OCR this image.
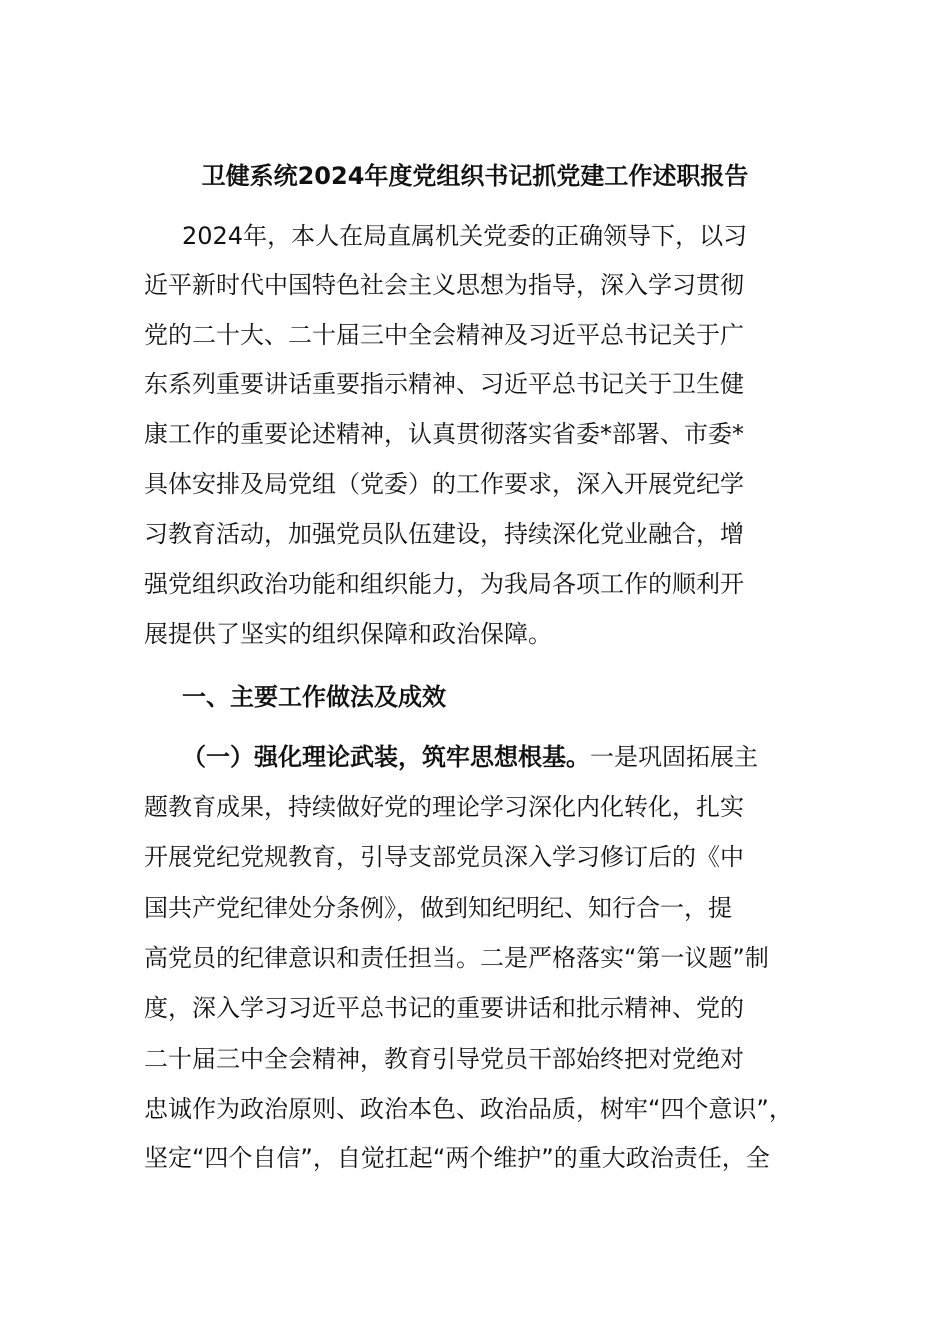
卫健系统2024年度党组织书记抓党建工作述职报告
2024年，本人在局直属机关党委的正确领导下，以习
近平新时代中国特色社会主义思想为指导，深入学习贯彻
党的二十大、二十届三中全会精神及习近平总书记关于广
东系列重要讲话重要指示精神、习近平总书记关于卫生健
康工作的重要论述精神，认真贯彻落实省委*部署、市委*
具体安排及局党组（党委）的工作要求，深入开展党纪学
习教育活动，加强党员队伍建设，持续深化党业融合，增
强党组织政治功能和组织能力，为我局各项工作的顺利开
展提供了坚实的组织保障和政治保障。
一、主要工作做法及成效
（一）强化理论武装，筑牢思想根基。一是巩固拓展主
题教育成果，持续做好党的理论学习深化内化转化，扎实
开展党纪党规教育，引导支部党员深入学习修订后的《中
国共产党纪律处分条例》，做到知纪明纪、知行合一，提
高党员的纪律意识和责任担当。二是严格落实“第一议题”制
度，深入学习习近平总书记的重要讲话和批示精神、党的
二十届三中全会精神，教育引导党员干部始终把对党绝对
忠诚作为政治原则、政治本色、政治品质，树牢“四个意识”，
坚定“四个自信”，自觉扛起“两个维护”的重大政治责任，全
